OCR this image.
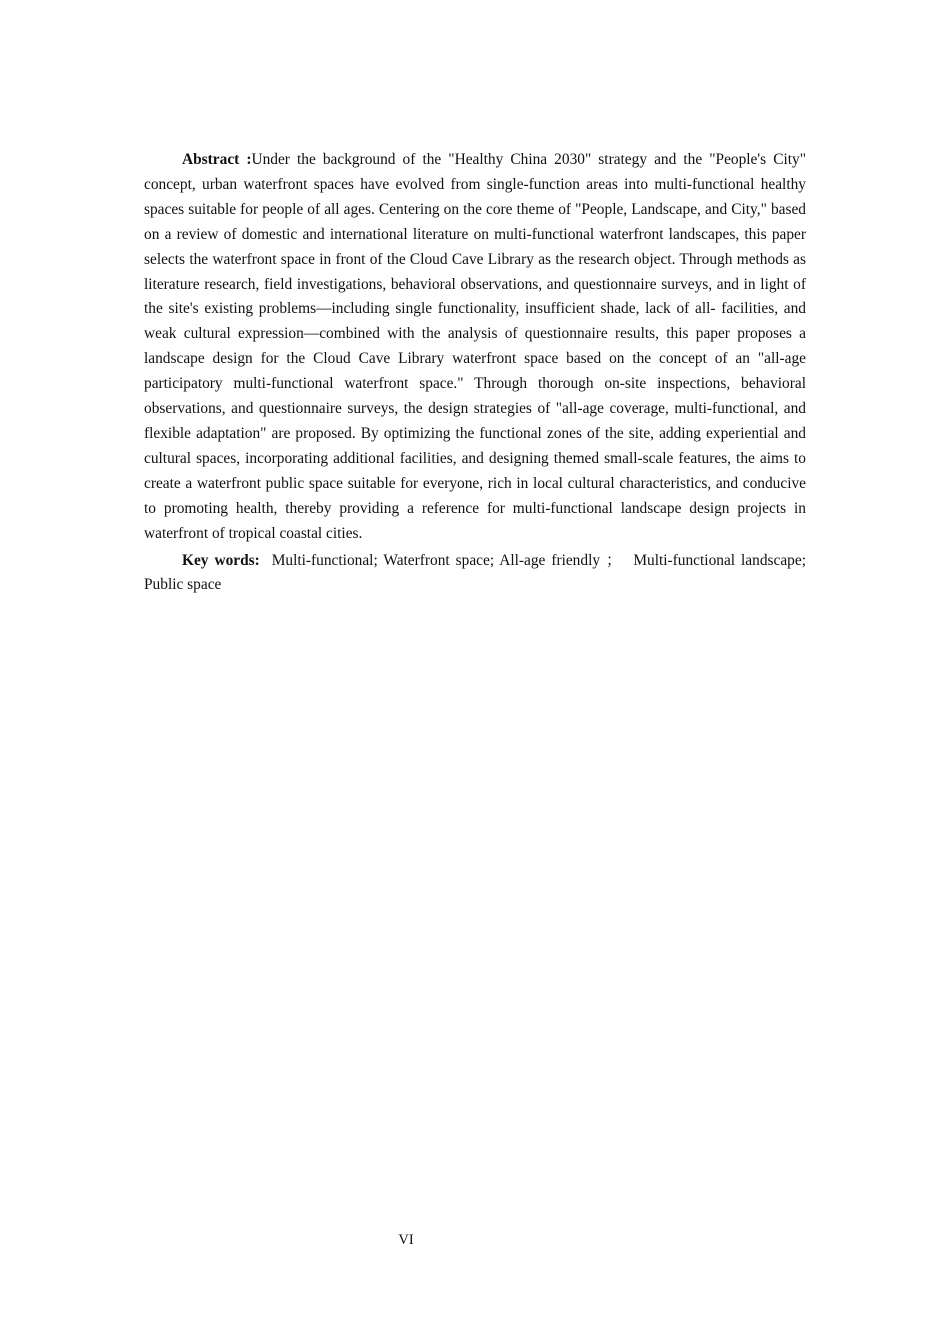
Abstract :Under the background of the "Healthy China 2030" strategy and the "People's City" concept, urban waterfront spaces have evolved from single-function areas into multi-functional healthy spaces suitable for people of all ages. Centering on the core theme of "People, Landscape, and City," based on a review of domestic and international literature on multi-functional waterfront landscapes, this paper selects the waterfront space in front of the Cloud Cave Library as the research object. Through methods as literature research, field investigations, behavioral observations, and questionnaire surveys, and in light of the site's existing problems—including single functionality, insufficient shade, lack of all- facilities, and weak cultural expression—combined with the analysis of questionnaire results, this paper proposes a landscape design for the Cloud Cave Library waterfront space based on the concept of an "all-age participatory multi-functional waterfront space." Through thorough on-site inspections, behavioral observations, and questionnaire surveys, the design strategies of "all-age coverage, multi-functional, and flexible adaptation" are proposed. By optimizing the functional zones of the site, adding experiential and cultural spaces, incorporating additional facilities, and designing themed small-scale features, the aims to create a waterfront public space suitable for everyone, rich in local cultural characteristics, and conducive to promoting health, thereby providing a reference for multi-functional landscape design projects in waterfront of tropical coastal cities.

Key words:  Multi-functional; Waterfront space; All-age friendly ；  Multi-functional landscape; Public space

VI
